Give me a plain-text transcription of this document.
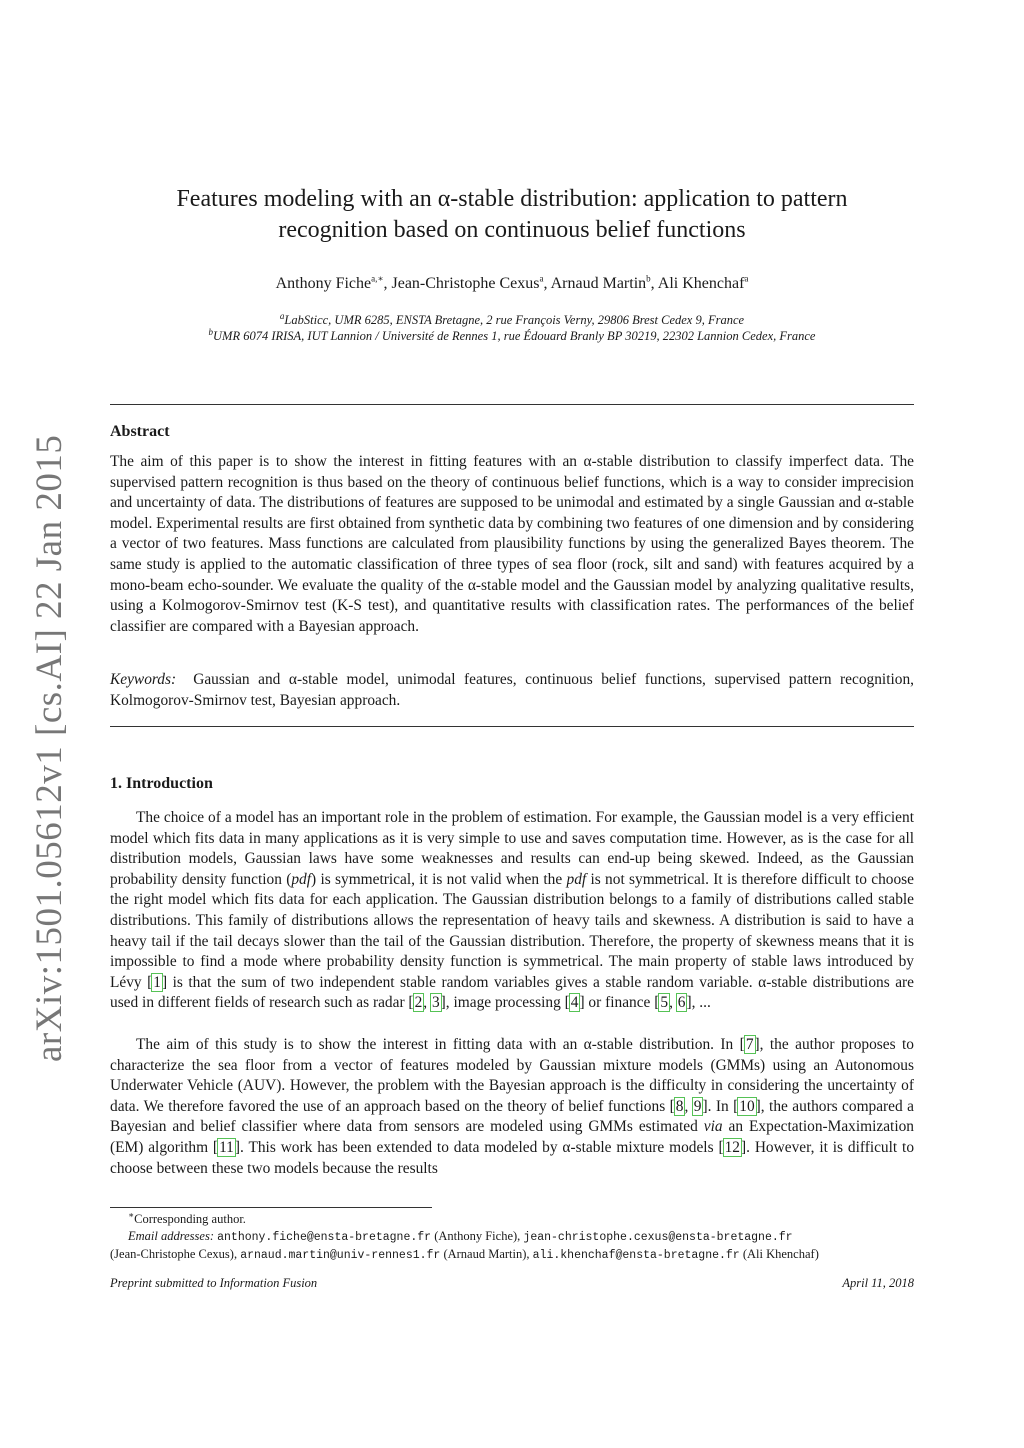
arXiv:1501.05612v1 [cs.AI] 22 Jan 2015
Features modeling with an α-stable distribution: application to pattern
recognition based on continuous belief functions
Anthony Fiche$^{a,∗}$, Jean-Christophe Cexus$^a$, Arnaud Martin$^b$, Ali Khenchaf$^a$
$^a$LabSticc, UMR 6285, ENSTA Bretagne, 2 rue François Verny, 29806 Brest Cedex 9, France
$^b$UMR 6074 IRISA, IUT Lannion / Université de Rennes 1, rue Édouard Branly BP 30219, 22302 Lannion Cedex, France
Abstract

The aim of this paper is to show the interest in fitting features with an α-stable distribution to classify imperfect data. The supervised pattern recognition is thus based on the theory of continuous belief functions, which is a way to consider imprecision and uncertainty of data. The distributions of features are supposed to be unimodal and estimated by a single Gaussian and α-stable model. Experimental results are first obtained from synthetic data by combining two features of one dimension and by considering a vector of two features. Mass functions are calculated from plausibility functions by using the generalized Bayes theorem. The same study is applied to the automatic classification of three types of sea floor (rock, silt and sand) with features acquired by a mono-beam echo-sounder. We evaluate the quality of the α-stable model and the Gaussian model by analyzing qualitative results, using a Kolmogorov-Smirnov test (K-S test), and quantitative results with classification rates. The performances of the belief classifier are compared with a Bayesian approach.

Keywords: Gaussian and α-stable model, unimodal features, continuous belief functions, supervised pattern recognition, Kolmogorov-Smirnov test, Bayesian approach.

1. Introduction

The choice of a model has an important role in the problem of estimation. For example, the Gaussian model is a very efficient model which fits data in many applications as it is very simple to use and saves computation time. However, as is the case for all distribution models, Gaussian laws have some weaknesses and results can end-up being skewed. Indeed, as the Gaussian probability density function (pdf) is symmetrical, it is not valid when the pdf is not symmetrical. It is therefore difficult to choose the right model which fits data for each application. The Gaussian distribution belongs to a family of distributions called stable distributions. This family of distributions allows the representation of heavy tails and skewness. A distribution is said to have a heavy tail if the tail decays slower than the tail of the Gaussian distribution. Therefore, the property of skewness means that it is impossible to find a mode where probability density function is symmetrical. The main property of stable laws introduced by Lévy [1] is that the sum of two independent stable random variables gives a stable random variable. α-stable distributions are used in different fields of research such as radar [2, 3], image processing [4] or finance [5, 6], ...

The aim of this study is to show the interest in fitting data with an α-stable distribution. In [7], the author proposes to characterize the sea floor from a vector of features modeled by Gaussian mixture models (GMMs) using an Autonomous Underwater Vehicle (AUV). However, the problem with the Bayesian approach is the difficulty in considering the uncertainty of data. We therefore favored the use of an approach based on the theory of belief functions [8, 9]. In [10], the authors compared a Bayesian and belief classifier where data from sensors are modeled using GMMs estimated via an Expectation-Maximization (EM) algorithm [11]. This work has been extended to data modeled by α-stable mixture models [12]. However, it is difficult to choose between these two models because the results

∗Corresponding author.
Email addresses: anthony.fiche@ensta-bretagne.fr (Anthony Fiche), jean-christophe.cexus@ensta-bretagne.fr
(Jean-Christophe Cexus), arnaud.martin@univ-rennes1.fr (Arnaud Martin), ali.khenchaf@ensta-bretagne.fr (Ali Khenchaf)
Preprint submitted to Information Fusion	April 11, 2018
